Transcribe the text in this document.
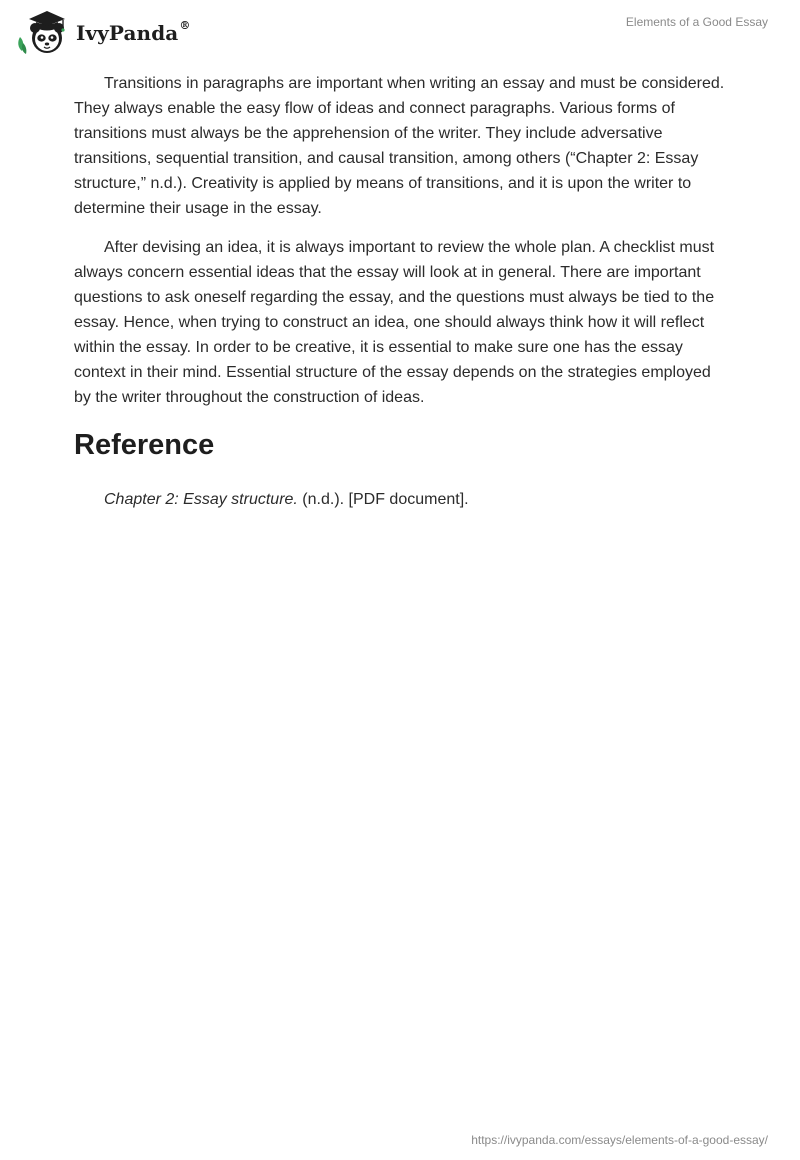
IvyPanda®	Elements of a Good Essay

Transitions in paragraphs are important when writing an essay and must be considered. They always enable the easy flow of ideas and connect paragraphs. Various forms of transitions must always be the apprehension of the writer. They include adversative transitions, sequential transition, and causal transition, among others (“Chapter 2: Essay structure,” n.d.). Creativity is applied by means of transitions, and it is upon the writer to determine their usage in the essay.

After devising an idea, it is always important to review the whole plan. A checklist must always concern essential ideas that the essay will look at in general. There are important questions to ask oneself regarding the essay, and the questions must always be tied to the essay. Hence, when trying to construct an idea, one should always think how it will reflect within the essay. In order to be creative, it is essential to make sure one has the essay context in their mind. Essential structure of the essay depends on the strategies employed by the writer throughout the construction of ideas.

Reference
Chapter 2: Essay structure. (n.d.). [PDF document].
https://ivypanda.com/essays/elements-of-a-good-essay/
